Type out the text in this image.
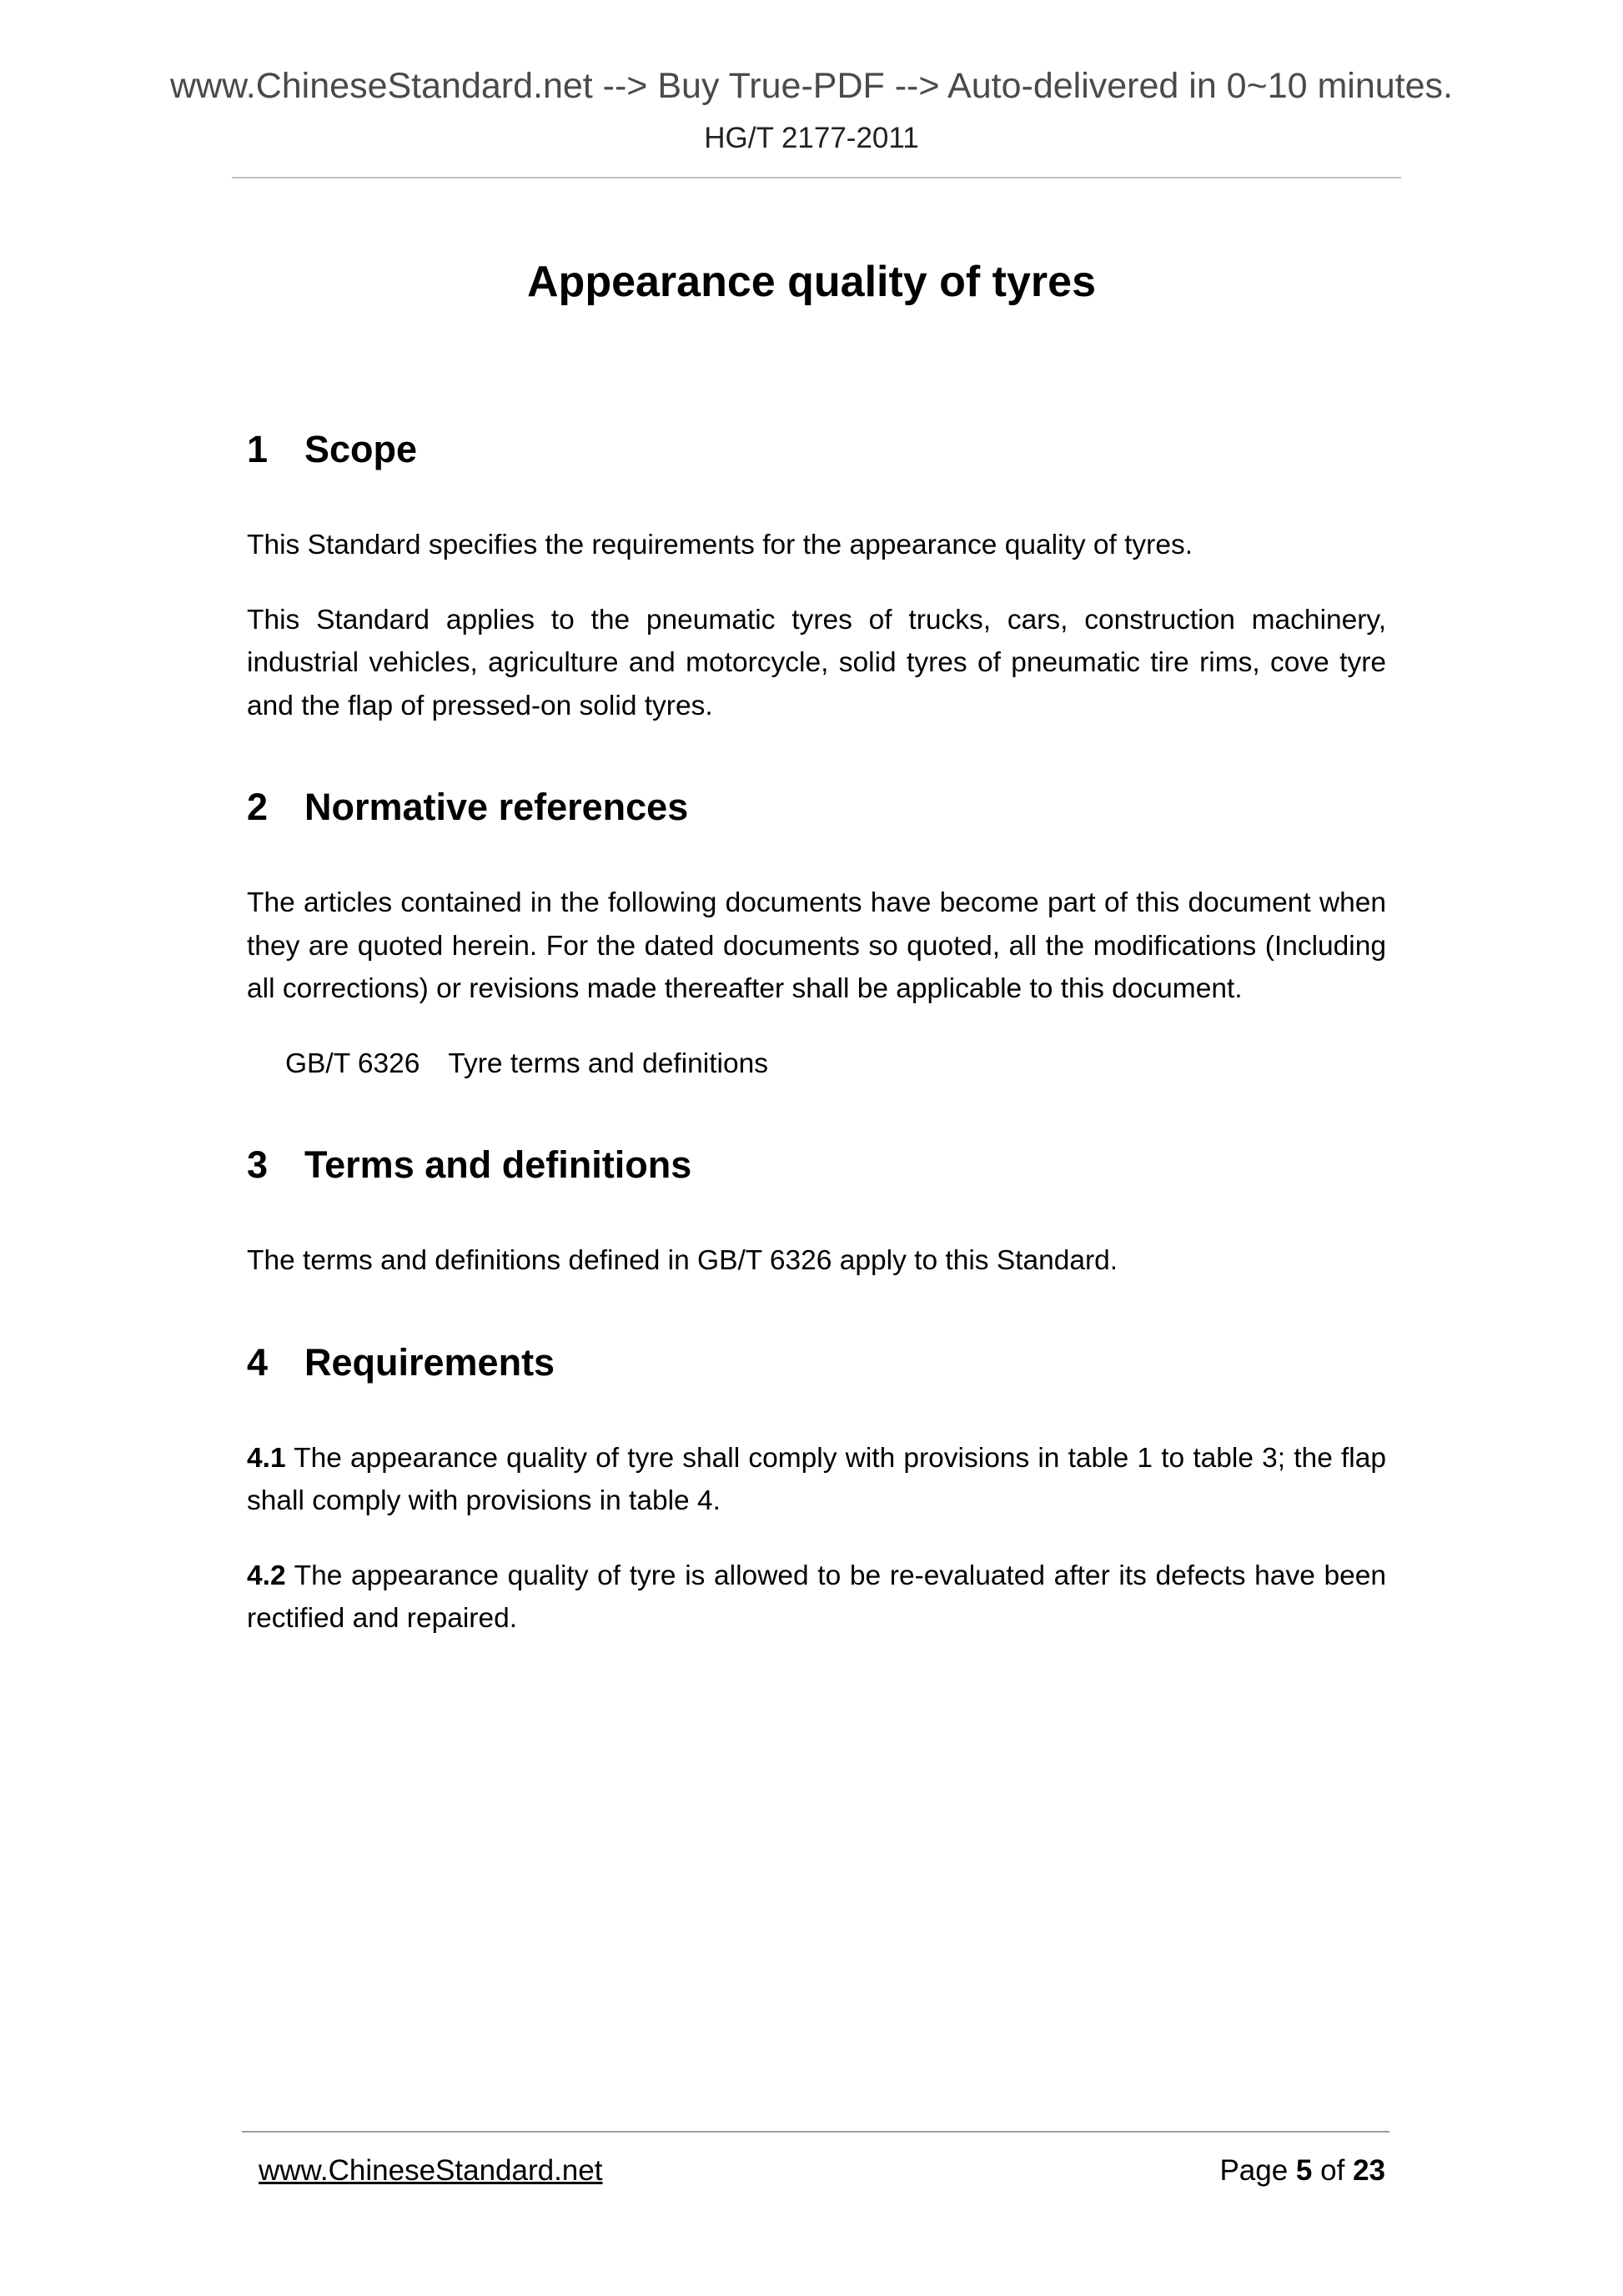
www.ChineseStandard.net --> Buy True-PDF --> Auto-delivered in 0~10 minutes.
HG/T 2177-2011
Appearance quality of tyres
1 Scope

This Standard specifies the requirements for the appearance quality of tyres.

This Standard applies to the pneumatic tyres of trucks, cars, construction machinery, industrial vehicles, agriculture and motorcycle, solid tyres of pneumatic tire rims, cove tyre and the flap of pressed-on solid tyres.

2 Normative references

The articles contained in the following documents have become part of this document when they are quoted herein. For the dated documents so quoted, all the modifications (Including all corrections) or revisions made thereafter shall be applicable to this document.

GB/T 6326 Tyre terms and definitions

3 Terms and definitions

The terms and definitions defined in GB/T 6326 apply to this Standard.

4 Requirements

4.1 The appearance quality of tyre shall comply with provisions in table 1 to table 3; the flap shall comply with provisions in table 4.

4.2 The appearance quality of tyre is allowed to be re-evaluated after its defects have been rectified and repaired.

www.ChineseStandard.net	Page 5 of 23
